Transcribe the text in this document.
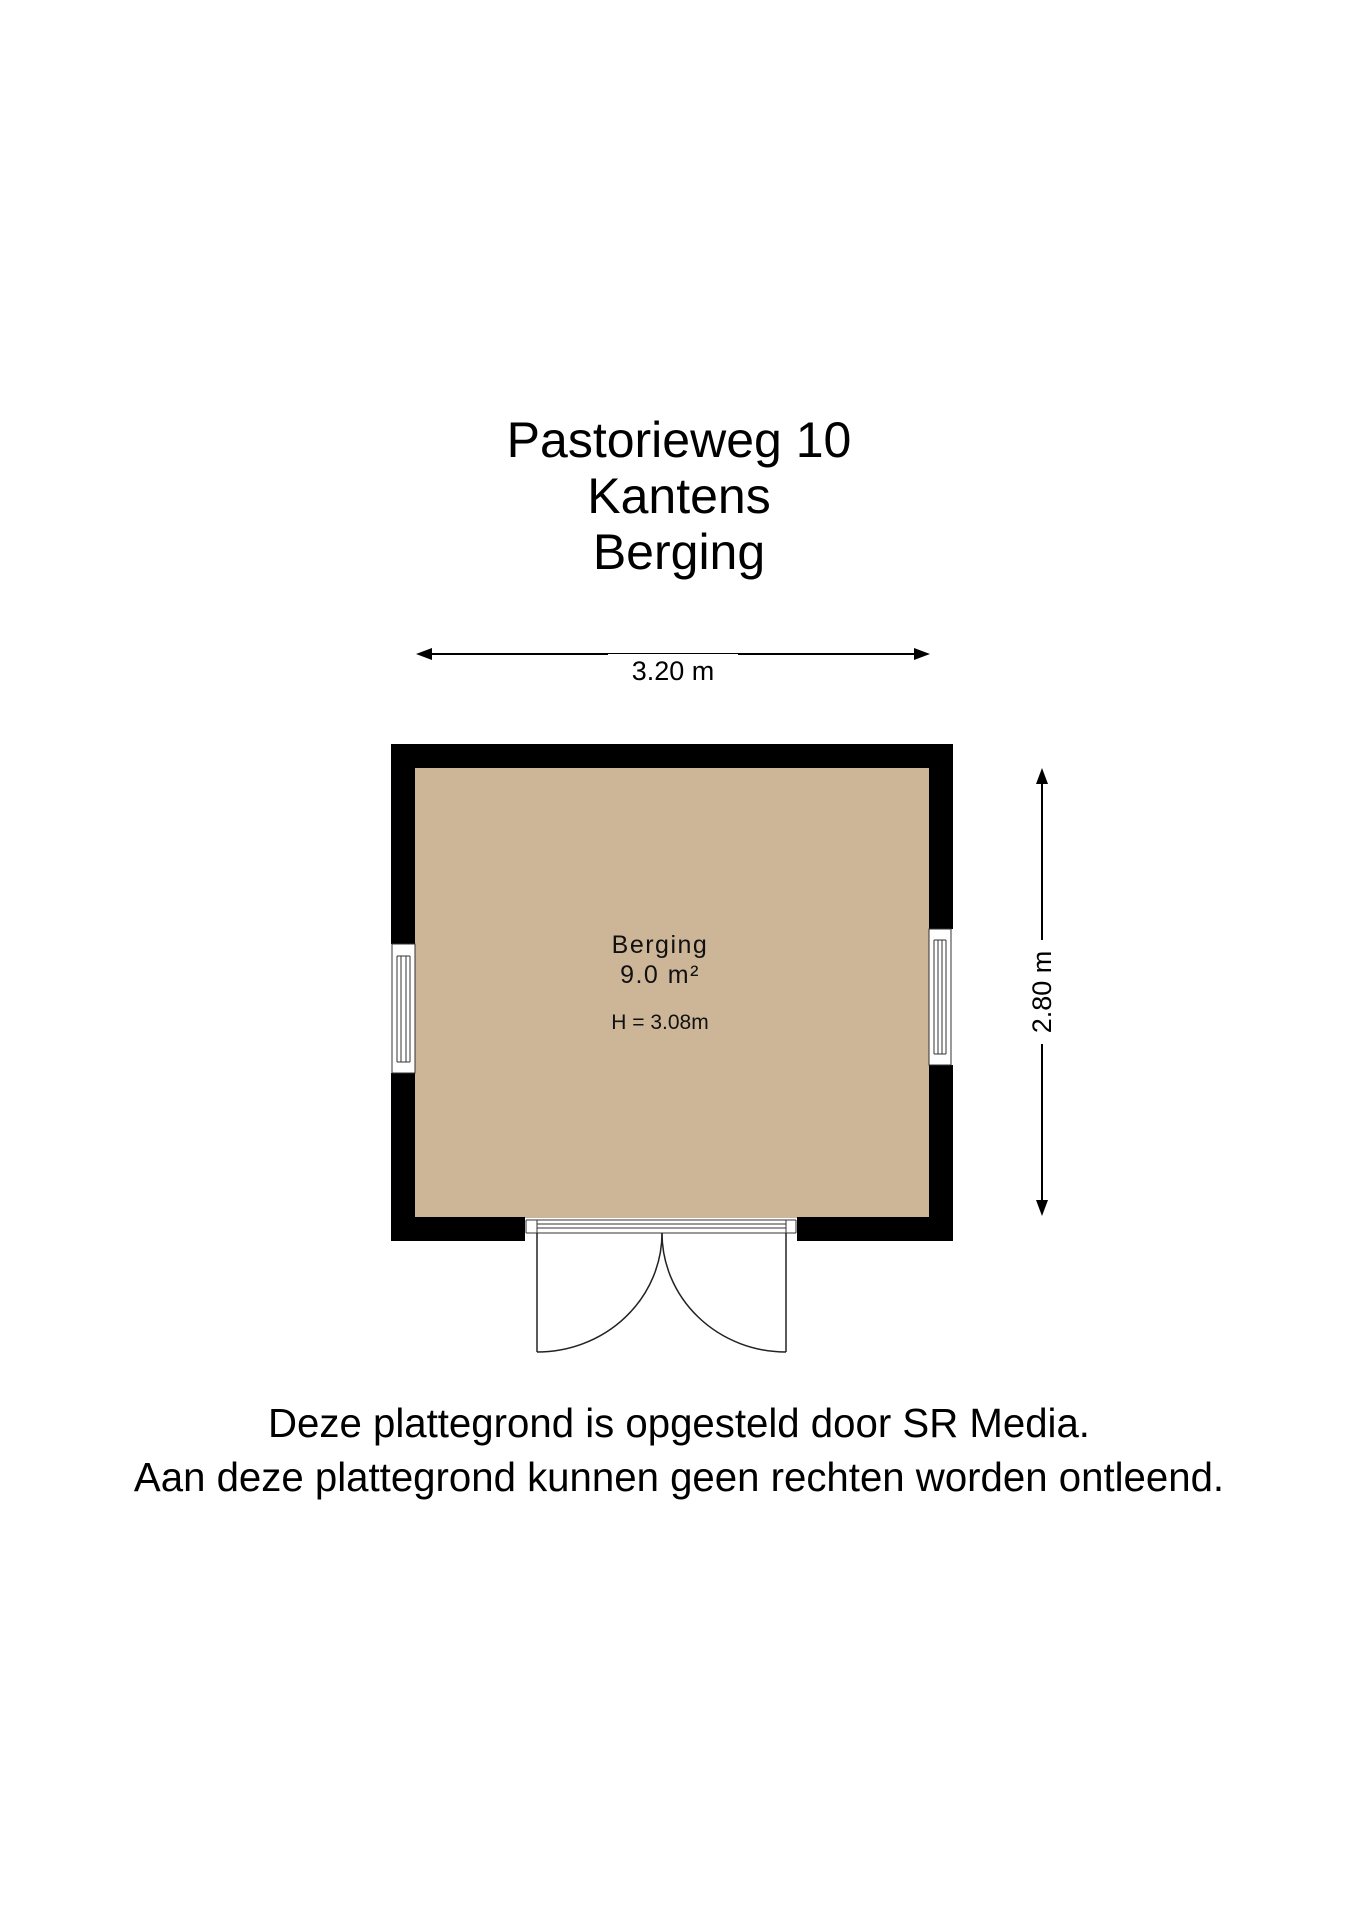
Pastorieweg 10
Kantens
Berging
3.20 m
2.80 m
Berging
9.0 m²
H = 3.08m
Deze plattegrond is opgesteld door SR Media.
Aan deze plattegrond kunnen geen rechten worden ontleend.
